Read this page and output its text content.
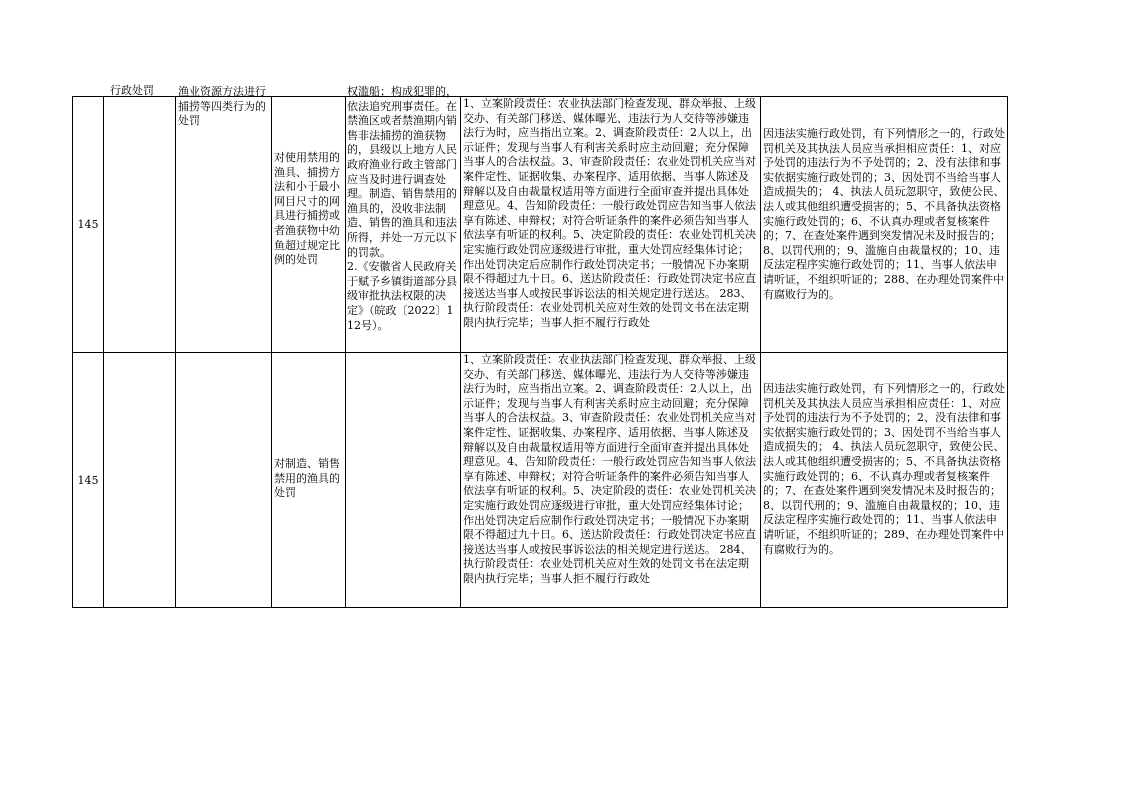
行政处罚	渔业资源方法进行捕捞等四类行为的处罚
权滥船；构成犯罪的，依法追究刑事责任。在禁渔区或者禁渔期内销售非法捕捞的渔获物的，县级以上地方人民政府渔业行政主管部门应当及时进行调查处理。制造、销售禁用的渔具的，没收非法制造、销售的渔具和违法所得，并处一万元以下的罚款。
2.《安徽省人民政府关于赋予乡镇街道部分县级审批执法权限的决定》（皖政〔2022〕112号）。
145
对使用禁用的渔具、捕捞方法和小于最小网目尺寸的网具进行捕捞或者渔获物中幼鱼超过规定比例的处罚
1、立案阶段责任：农业执法部门检查发现、群众举报、上级交办、有关部门移送、媒体曝光、违法行为人交待等涉嫌违法行为时，应当指出立案。2、调查阶段责任：2人以上，出示证件；发现与当事人有利害关系时应主动回避；充分保障当事人的合法权益。3、审查阶段责任：农业处罚机关应当对案件定性、证据收集、办案程序、适用依据、当事人陈述及辩解以及自由裁量权适用等方面进行全面审查并提出具体处理意见。4、告知阶段责任：一般行政处罚应告知当事人依法享有陈述、申辩权；对符合听证条件的案件必须告知当事人依法享有听证的权利。5、决定阶段的责任：农业处罚机关决定实施行政处罚应逐级进行审批，重大处罚应经集体讨论；作出处罚决定后应制作行政处罚决定书；一般情况下办案期限不得超过九十日。6、送达阶段责任：行政处罚决定书应直接送达当事人或按民事诉讼法的相关规定进行送达。 283、执行阶段责任：农业处罚机关应对生效的处罚文书在法定期限内执行完毕；当事人拒不履行行政处
因违法实施行政处罚，有下列情形之一的，行政处罚机关及其执法人员应当承担相应责任：1、对应予处罚的违法行为不予处罚的；2、没有法律和事实依据实施行政处罚的；3、因处罚不当给当事人造成损失的； 4、执法人员玩忽职守，致使公民、法人或其他组织遭受损害的；5、不具备执法资格实施行政处罚的；6、不认真办理或者复核案件的；7、在查处案件遇到突发情况未及时报告的；8、以罚代刑的；9、滥施自由裁量权的；10、违反法定程序实施行政处罚的；11、当事人依法申请听证，不组织听证的；288、在办理处罚案件中有腐败行为的。
145
对制造、销售禁用的渔具的处罚
1、立案阶段责任：农业执法部门检查发现、群众举报、上级交办、有关部门移送、媒体曝光、违法行为人交待等涉嫌违法行为时，应当指出立案。2、调查阶段责任：2人以上，出示证件；发现与当事人有利害关系时应主动回避；充分保障当事人的合法权益。3、审查阶段责任：农业处罚机关应当对案件定性、证据收集、办案程序、适用依据、当事人陈述及辩解以及自由裁量权适用等方面进行全面审查并提出具体处理意见。4、告知阶段责任：一般行政处罚应告知当事人依法享有陈述、申辩权；对符合听证条件的案件必须告知当事人依法享有听证的权利。5、决定阶段的责任：农业处罚机关决定实施行政处罚应逐级进行审批，重大处罚应经集体讨论；作出处罚决定后应制作行政处罚决定书；一般情况下办案期限不得超过九十日。6、送达阶段责任：行政处罚决定书应直接送达当事人或按民事诉讼法的相关规定进行送达。 284、执行阶段责任：农业处罚机关应对生效的处罚文书在法定期限内执行完毕；当事人拒不履行行政处
因违法实施行政处罚，有下列情形之一的，行政处罚机关及其执法人员应当承担相应责任：1、对应予处罚的违法行为不予处罚的；2、没有法律和事实依据实施行政处罚的；3、因处罚不当给当事人造成损失的； 4、执法人员玩忽职守，致使公民、法人或其他组织遭受损害的；5、不具备执法资格实施行政处罚的；6、不认真办理或者复核案件的；7、在查处案件遇到突发情况未及时报告的；8、以罚代刑的；9、滥施自由裁量权的；10、违反法定程序实施行政处罚的；11、当事人依法申请听证，不组织听证的；289、在办理处罚案件中有腐败行为的。
